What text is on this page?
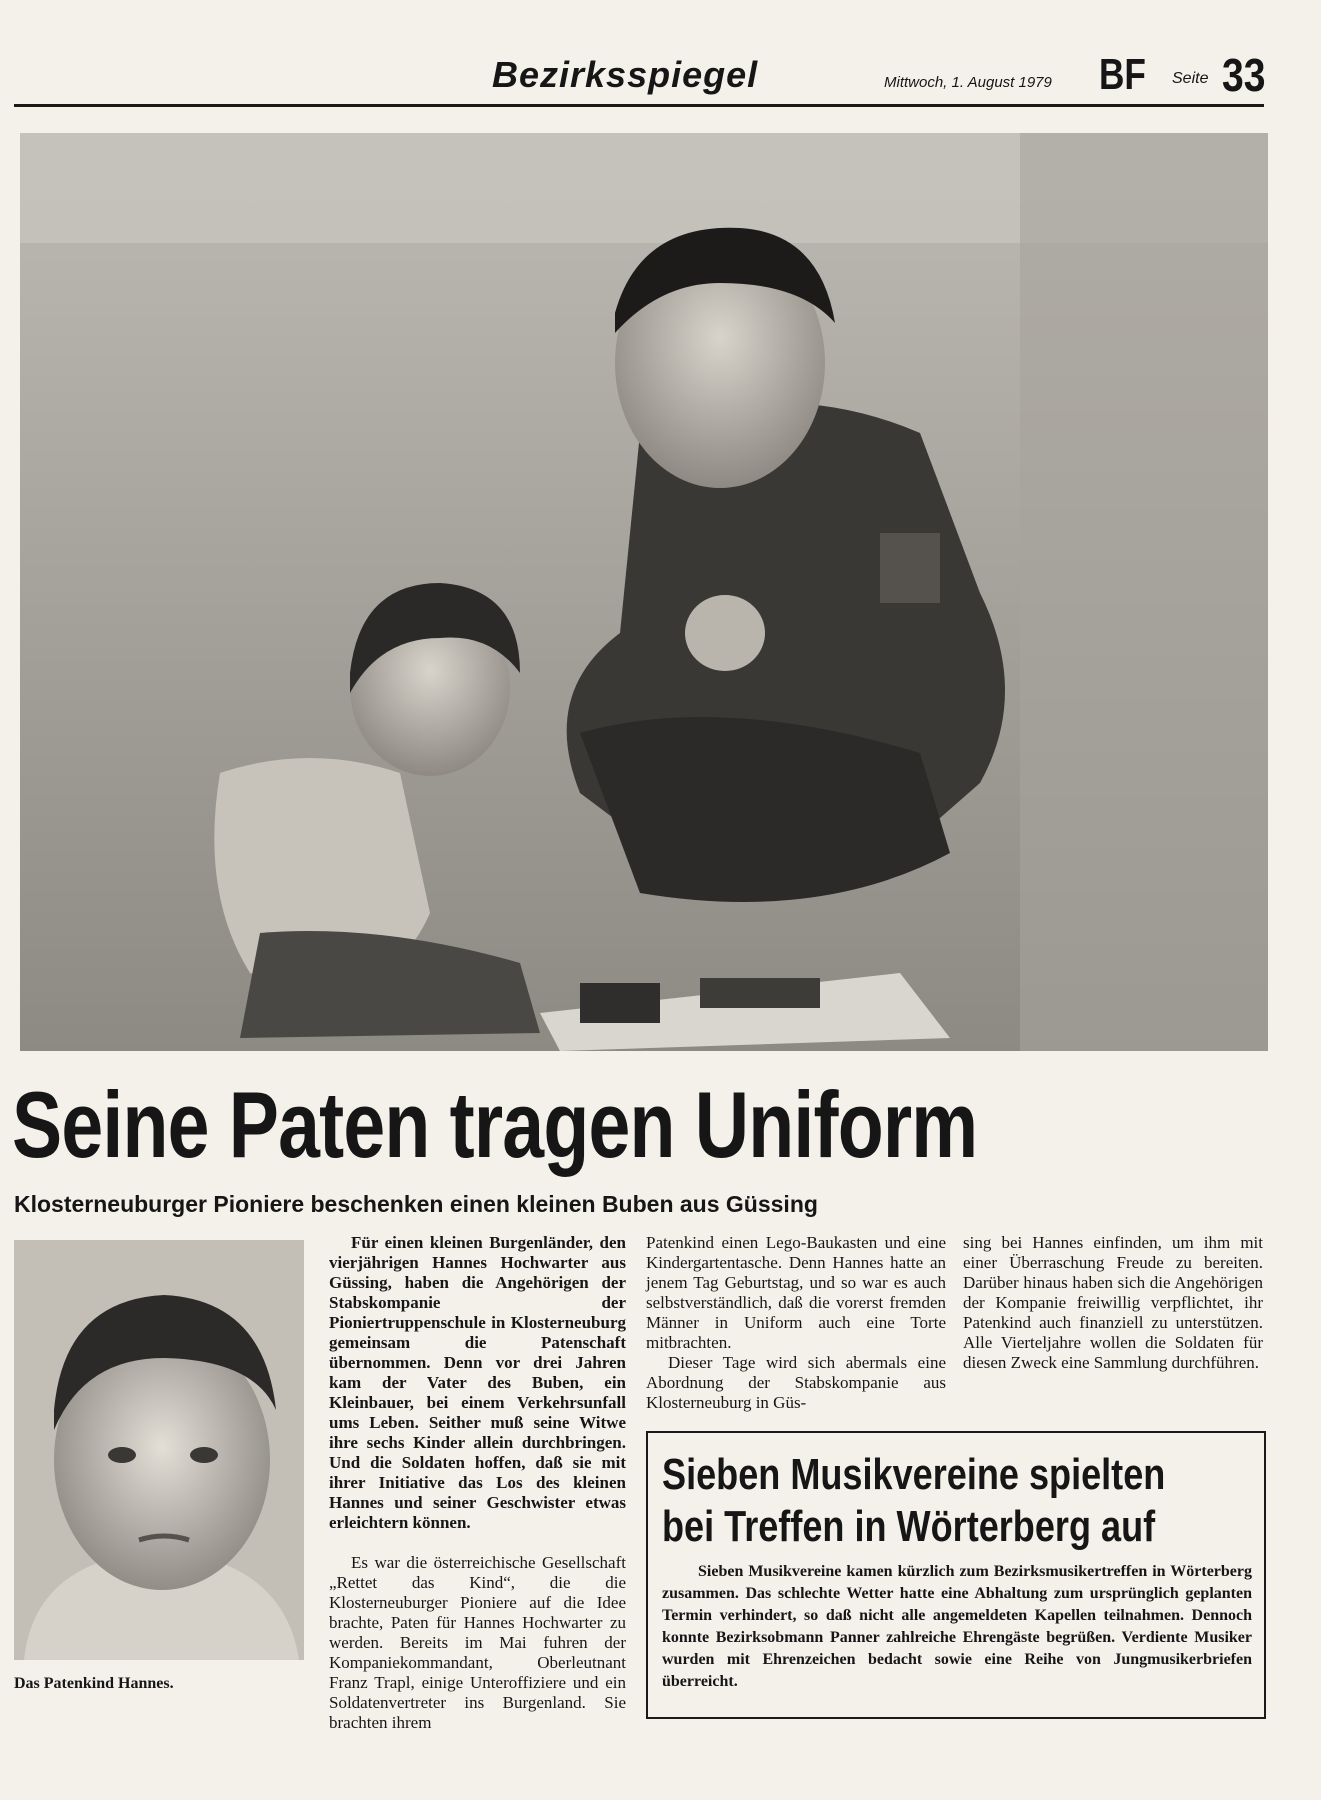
Bezirksspiegel	Mittwoch, 1. August 1979 BF Seite 33
Seine Paten tragen Uniform
Klosterneuburger Pioniere beschenken einen kleinen Buben aus Güssing
Das Patenkind Hannes.

Für einen kleinen Burgenländer, den vierjährigen Hannes Hochwarter aus Güssing, haben die Angehörigen der Stabskompanie der Pioniertruppenschule in Klosterneuburg gemeinsam die Patenschaft übernommen. Denn vor drei Jahren kam der Vater des Buben, ein Kleinbauer, bei einem Verkehrsunfall ums Leben. Seither muß seine Witwe ihre sechs Kinder allein durchbringen. Und die Soldaten hoffen, daß sie mit ihrer Initiative das Los des kleinen Hannes und seiner Geschwister etwas erleichtern können.

Es war die österreichische Gesellschaft „Rettet das Kind“, die die Klosterneuburger Pioniere auf die Idee brachte, Paten für Hannes Hochwarter zu werden. Bereits im Mai fuhren der Kompaniekommandant, Oberleutnant Franz Trapl, einige Unteroffiziere und ein Soldatenvertreter ins Burgenland. Sie brachten ihrem

Patenkind einen Lego-Baukasten und eine Kindergartentasche. Denn Hannes hatte an jenem Tag Geburtstag, und so war es auch selbstverständlich, daß die vorerst fremden Männer in Uniform auch eine Torte mitbrachten.

Dieser Tage wird sich abermals eine Abordnung der Stabskompanie aus Klosterneuburg in Güs-

sing bei Hannes einfinden, um ihm mit einer Überraschung Freude zu bereiten. Darüber hinaus haben sich die Angehörigen der Kompanie freiwillig verpflichtet, ihr Patenkind auch finanziell zu unterstützen. Alle Vierteljahre wollen die Soldaten für diesen Zweck eine Sammlung durchführen.

Sieben Musikvereine spielten bei Treffen in Wörterberg auf

Sieben Musikvereine kamen kürzlich zum Bezirksmusikertreffen in Wörterberg zusammen. Das schlechte Wetter hatte eine Abhaltung zum ursprünglich geplanten Termin verhindert, so daß nicht alle angemeldeten Kapellen teilnahmen. Dennoch konnte Bezirksobmann Panner zahlreiche Ehrengäste begrüßen. Verdiente Musiker wurden mit Ehrenzeichen bedacht sowie eine Reihe von Jungmusikerbriefen überreicht.
